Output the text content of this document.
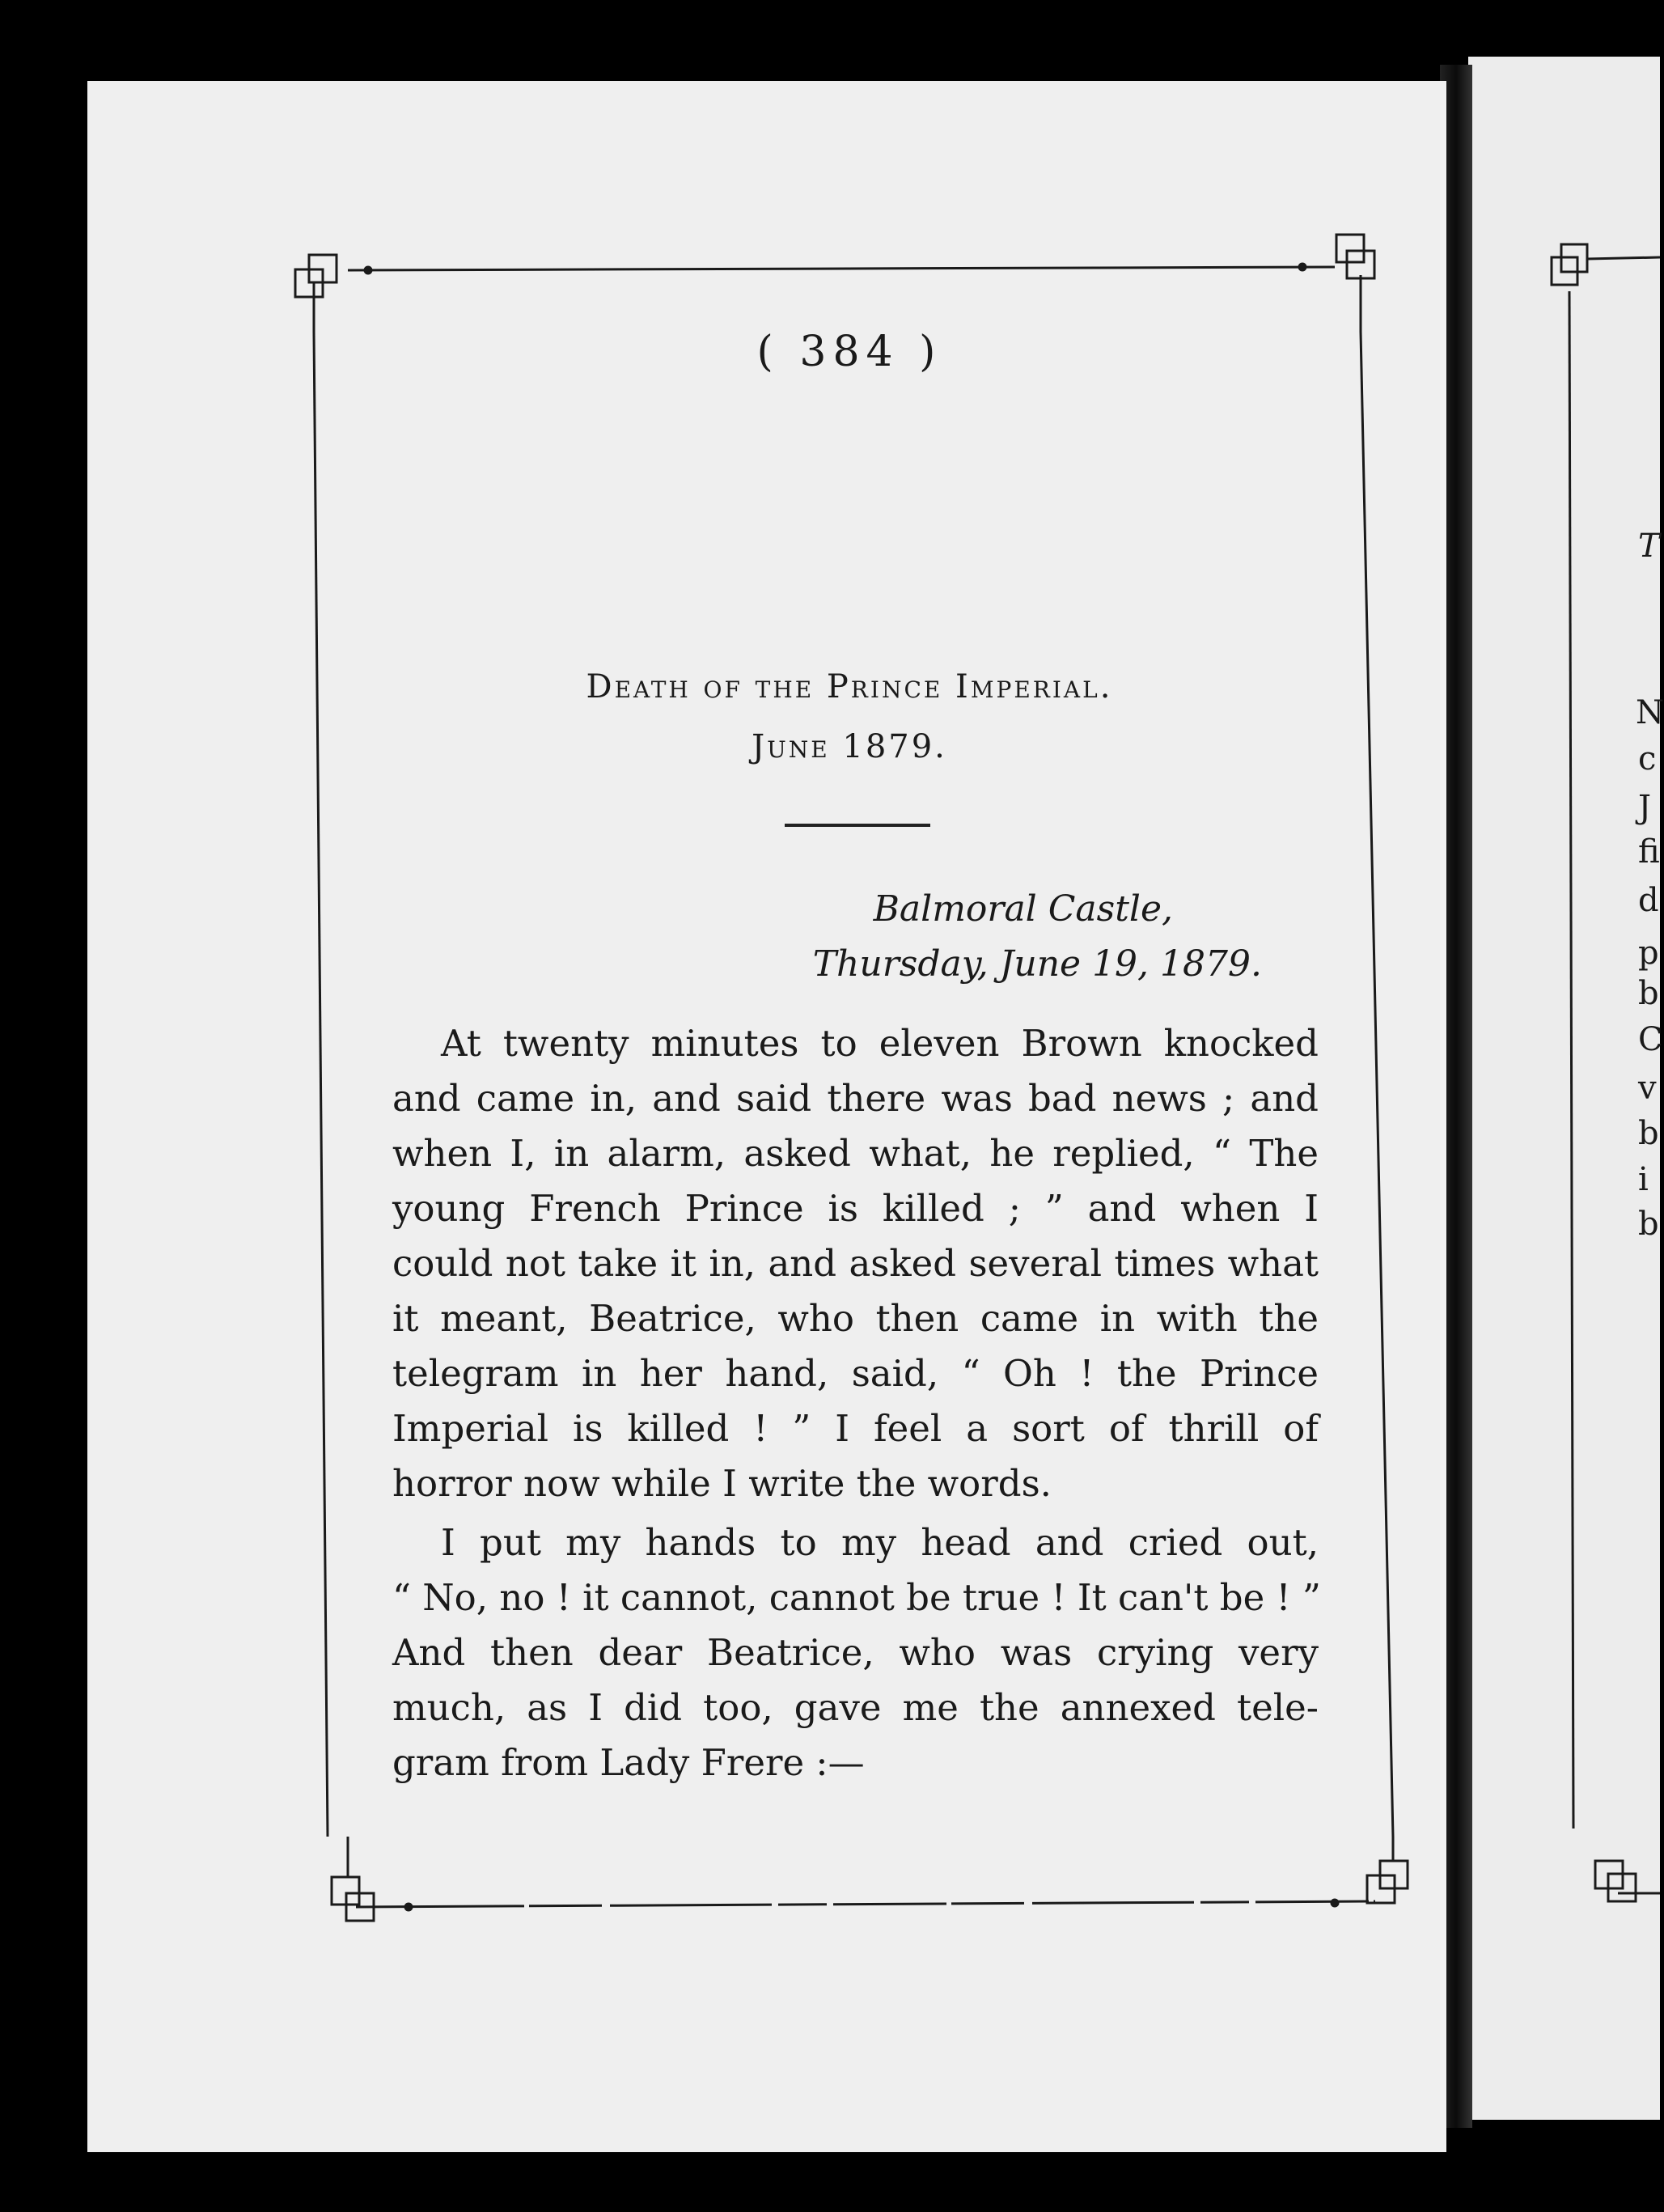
( 384 )
Death of the Prince Imperial.
June 1879.
Balmoral Castle,
Thursday, June 19, 1879.
At twenty minutes to eleven Brown knocked
and came in, and said there was bad news ; and
when I, in alarm, asked what, he replied, “ The
young French Prince is killed ; ” and when I
could not take it in, and asked several times what
it meant, Beatrice, who then came in with the
telegram in her hand, said, “ Oh ! the Prince
Imperial is killed ! ” I feel a sort of thrill of
horror now while I write the words.
I put my hands to my head and cried out,
“ No, no ! it cannot, cannot be true ! It can't be ! ”
And then dear Beatrice, who was crying very
much, as I did too, gave me the annexed tele-
gram from Lady Frere :—
T
N
c
J
fi
d
p
b
C
v
b
i
b
